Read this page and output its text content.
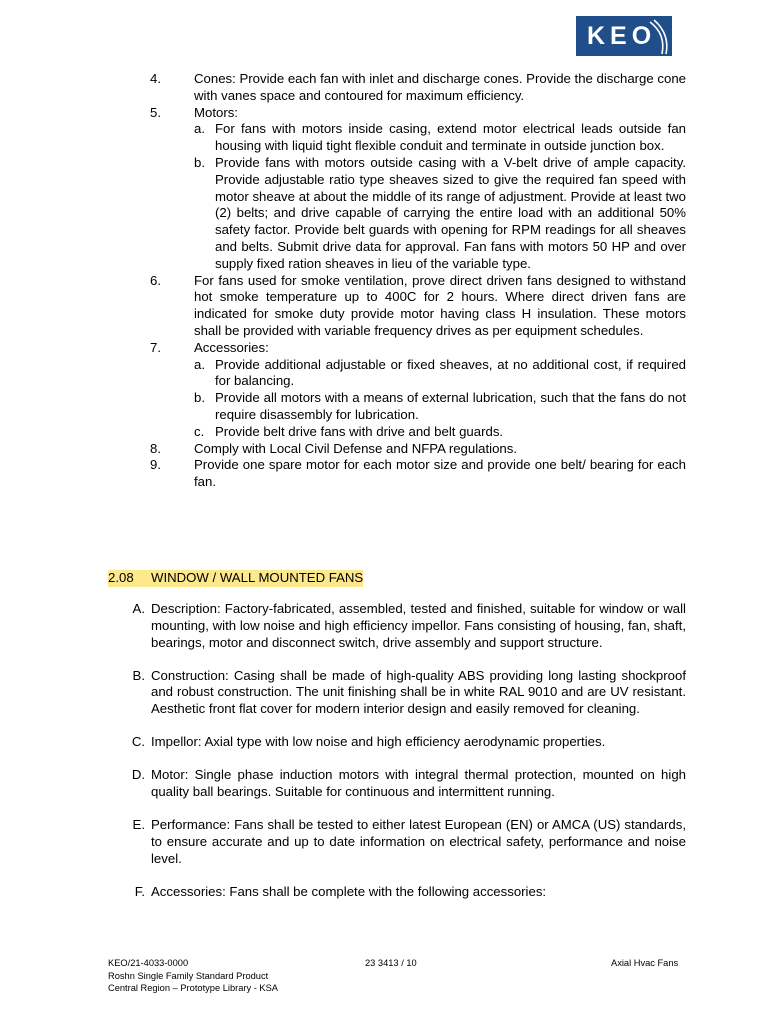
KEO
4.	Cones: Provide each fan with inlet and discharge cones. Provide the discharge cone with vanes space and contoured for maximum efficiency.
5.	Motors:
a. For fans with motors inside casing, extend motor electrical leads outside fan housing with liquid tight flexible conduit and terminate in outside junction box.
b. Provide fans with motors outside casing with a V-belt drive of ample capacity. Provide adjustable ratio type sheaves sized to give the required fan speed with motor sheave at about the middle of its range of adjustment. Provide at least two (2) belts; and drive capable of carrying the entire load with an additional 50% safety factor. Provide belt guards with opening for RPM readings for all sheaves and belts. Submit drive data for approval. Fan fans with motors 50 HP and over supply fixed ration sheaves in lieu of the variable type.
6.	For fans used for smoke ventilation, prove direct driven fans designed to withstand hot smoke temperature up to 400C for 2 hours. Where direct driven fans are indicated for smoke duty provide motor having class H insulation. These motors shall be provided with variable frequency drives as per equipment schedules.
7.	Accessories:
a. Provide additional adjustable or fixed sheaves, at no additional cost, if required for balancing.
b. Provide all motors with a means of external lubrication, such that the fans do not require disassembly for lubrication.
c. Provide belt drive fans with drive and belt guards.
8.	Comply with Local Civil Defense and NFPA regulations.
9.	Provide one spare motor for each motor size and provide one belt/ bearing for each fan.
2.08 WINDOW / WALL MOUNTED FANS
A. Description: Factory-fabricated, assembled, tested and finished, suitable for window or wall mounting, with low noise and high efficiency impellor. Fans consisting of housing, fan, shaft, bearings, motor and disconnect switch, drive assembly and support structure.
B. Construction: Casing shall be made of high-quality ABS providing long lasting shockproof and robust construction. The unit finishing shall be in white RAL 9010 and are UV resistant. Aesthetic front flat cover for modern interior design and easily removed for cleaning.
C. Impellor: Axial type with low noise and high efficiency aerodynamic properties.
D. Motor: Single phase induction motors with integral thermal protection, mounted on high quality ball bearings. Suitable for continuous and intermittent running.
E. Performance: Fans shall be tested to either latest European (EN) or AMCA (US) standards, to ensure accurate and up to date information on electrical safety, performance and noise level.
F. Accessories: Fans shall be complete with the following accessories:
KEO/21-4033-0000
Roshn Single Family Standard Product
Central Region – Prototype Library - KSA
23 3413 / 10	Axial Hvac Fans
